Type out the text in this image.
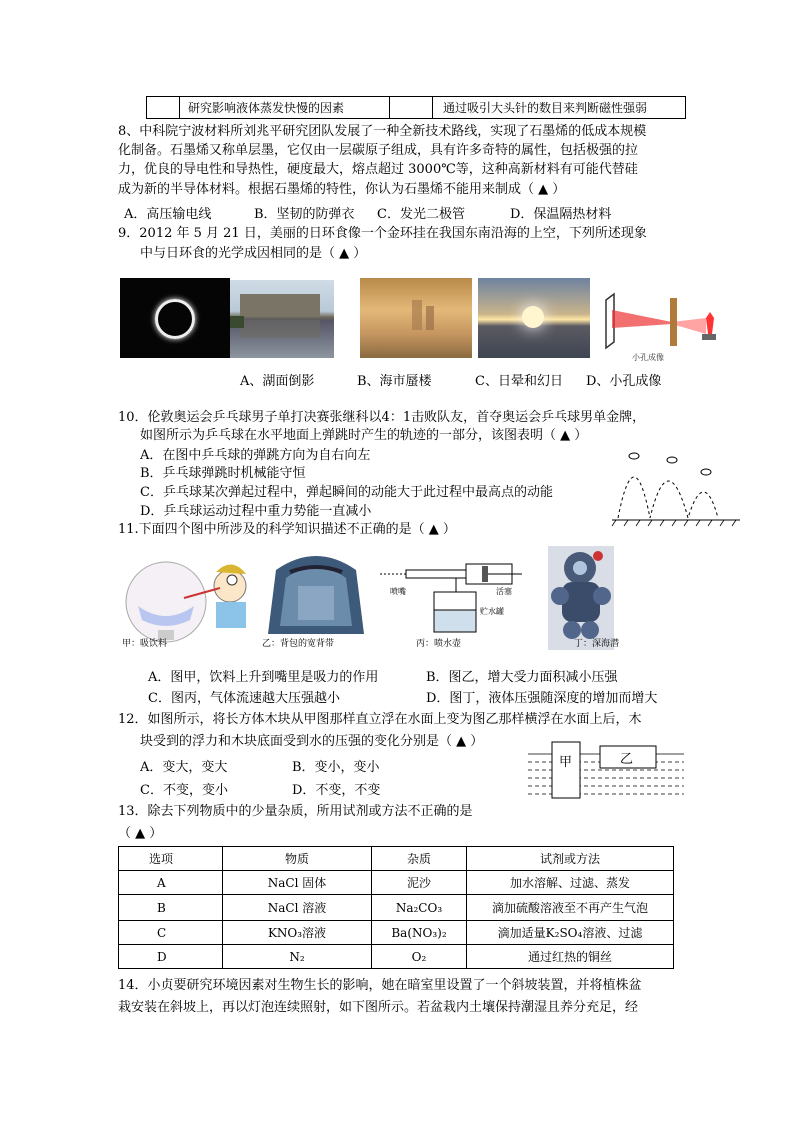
	研究影响液体蒸发快慢的因素		通过吸引大头针的数目来判断磁性强弱
8、中科院宁波材料所刘兆平研究团队发展了一种全新技术路线，实现了石墨烯的低成本规模
化制备。石墨烯又称单层墨，它仅由一层碳原子组成，具有许多奇特的属性，包括极强的拉
力，优良的导电性和导热性，硬度最大，熔点超过 3000℃等，这种高新材料有可能代替硅
成为新的半导体材料。根据石墨烯的特性，你认为石墨烯不能用来制成（ ▲ ）
A．高压输电线	B．坚韧的防弹衣 C．发光二极管	D．保温隔热材料
9．2012 年 5 月 21 日，美丽的日环食像一个金环挂在我国东南沿海的上空，下列所述现象
中与日环食的光学成因相同的是（ ▲ ）
小孔成像
A、湖面倒影	B、海市蜃楼	C、日晕和幻日 D、小孔成像
10．伦敦奥运会乒乓球男子单打决赛张继科以4：1击败队友，首夺奥运会乒乓球男单金牌，
如图所示为乒乓球在水平地面上弹跳时产生的轨迹的一部分，该图表明（ ▲ ）
A．在图中乒乓球的弹跳方向为自右向左
B．乒乓球弹跳时机械能守恒
C．乒乓球某次弹起过程中，弹起瞬间的动能大于此过程中最高点的动能
D．乒乓球运动过程中重力势能一直减小
11.下面四个图中所涉及的科学知识描述不正确的是（ ▲ ）
甲：吸饮料	乙：背包的宽背带
喷嘴	活塞
贮水罐
丙：喷水壶	丁：深海潜
A．图甲，饮料上升到嘴里是吸力的作用	B．图乙，增大受力面积减小压强
C．图丙，气体流速越大压强越小	D．图丁，液体压强随深度的增加而增大
12．如图所示，将长方体木块从甲图那样直立浮在水面上变为图乙那样横浮在水面上后，木
块受到的浮力和木块底面受到水的压强的变化分别是（ ▲ ）
A．变大，变大	B．变小，变小
C．不变，变小	D．不变，不变
甲	乙
13．除去下列物质中的少量杂质，所用试剂或方法不正确的是
（ ▲ ）
选项	物质	杂质	试剂或方法
A	NaCl 固体	泥沙	加水溶解、过滤、蒸发
B	NaCl 溶液	Na₂CO₃	滴加硫酸溶液至不再产生气泡
C	KNO₃溶液	Ba(NO₃)₂	滴加适量K₂SO₄溶液、过滤
D	N₂	O₂	通过红热的铜丝
14．小贞要研究环境因素对生物生长的影响，她在暗室里设置了一个斜坡装置，并将植株盆
栽安装在斜坡上，再以灯泡连续照射，如下图所示。若盆栽内土壤保持潮湿且养分充足，经
